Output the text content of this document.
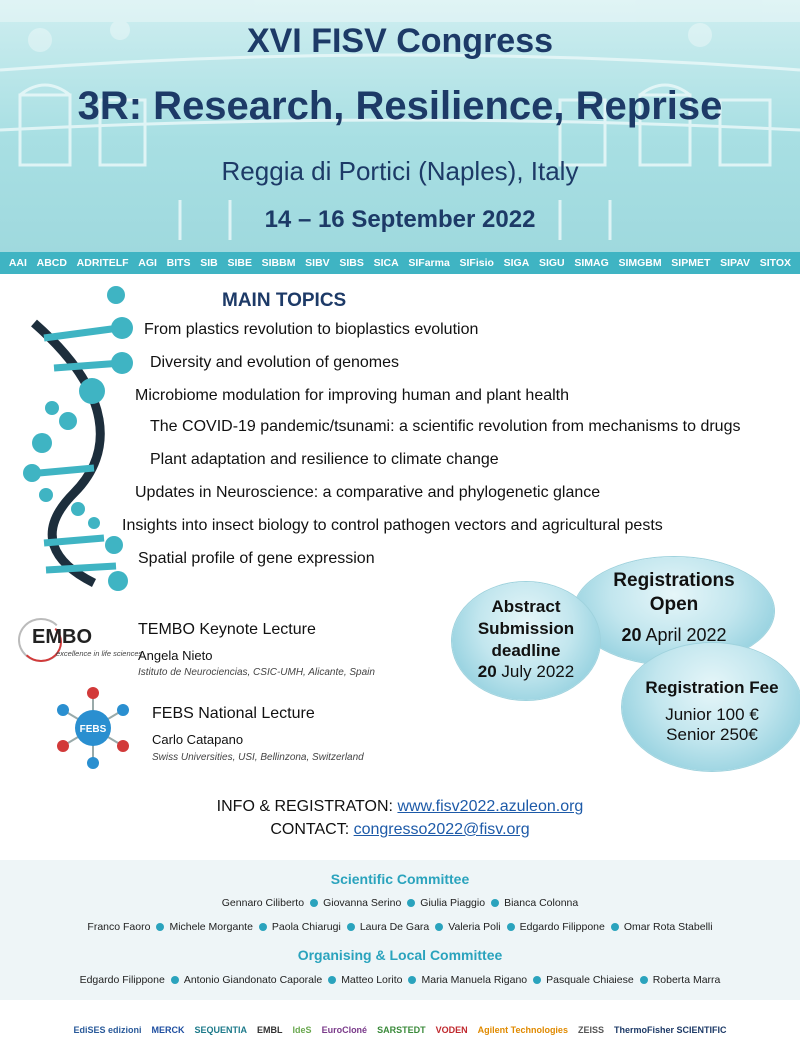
XVI FISV Congress
3R: Research, Resilience, Reprise
Reggia di Portici (Naples), Italy
14 – 16 September 2022
AAI ABCD ADRITELF AGI BITS SIB SIBE SIBBM SIBV SIBS SICA SIFarma SIFisio SIGA SIGU SIMAG SIMGBM SIPMET SIPAV SITOX
MAIN TOPICS
From plastics revolution to bioplastics evolution
Diversity and evolution of genomes
Microbiome modulation for improving human and plant health
The COVID-19 pandemic/tsunami: a scientific revolution from mechanisms to drugs
Plant adaptation and resilience to climate change
Updates in Neuroscience: a comparative and phylogenetic glance
Insights into insect biology to control pathogen vectors and agricultural pests
Spatial profile of gene expression
EMBO
excellence in life sciences
TEMBO Keynote Lecture
Angela Nieto
Istituto de Neurociencias, CSIC-UMH, Alicante, Spain
FEBS
FEBS National Lecture
Carlo Catapano
Swiss Universities, USI, Bellinzona, Switzerland
Registrations
Open
20 April 2022
Abstract
Submission
deadline
20 July 2022
Registration Fee
Junior 100 €
Senior 250€
INFO & REGISTRATON: www.fisv2022.azuleon.org
CONTACT: congresso2022@fisv.org
Scientific Committee
Gennaro Ciliberto Giovanna Serino Giulia Piaggio Bianca Colonna
Franco Faoro Michele Morgante Paola Chiarugi Laura De Gara Valeria Poli Edgardo Filippone Omar Rota Stabelli
Organising & Local Committee
Edgardo Filippone Antonio Giandonato Caporale Matteo Lorito Maria Manuela Rigano Pasquale Chiaiese Roberta Marra
EdiSES edizioni MERCK SEQUENTIA EMBL IdeS EuroCloné SARSTEDT VODEN Agilent Technologies ZEISS ThermoFisher SCIENTIFIC
